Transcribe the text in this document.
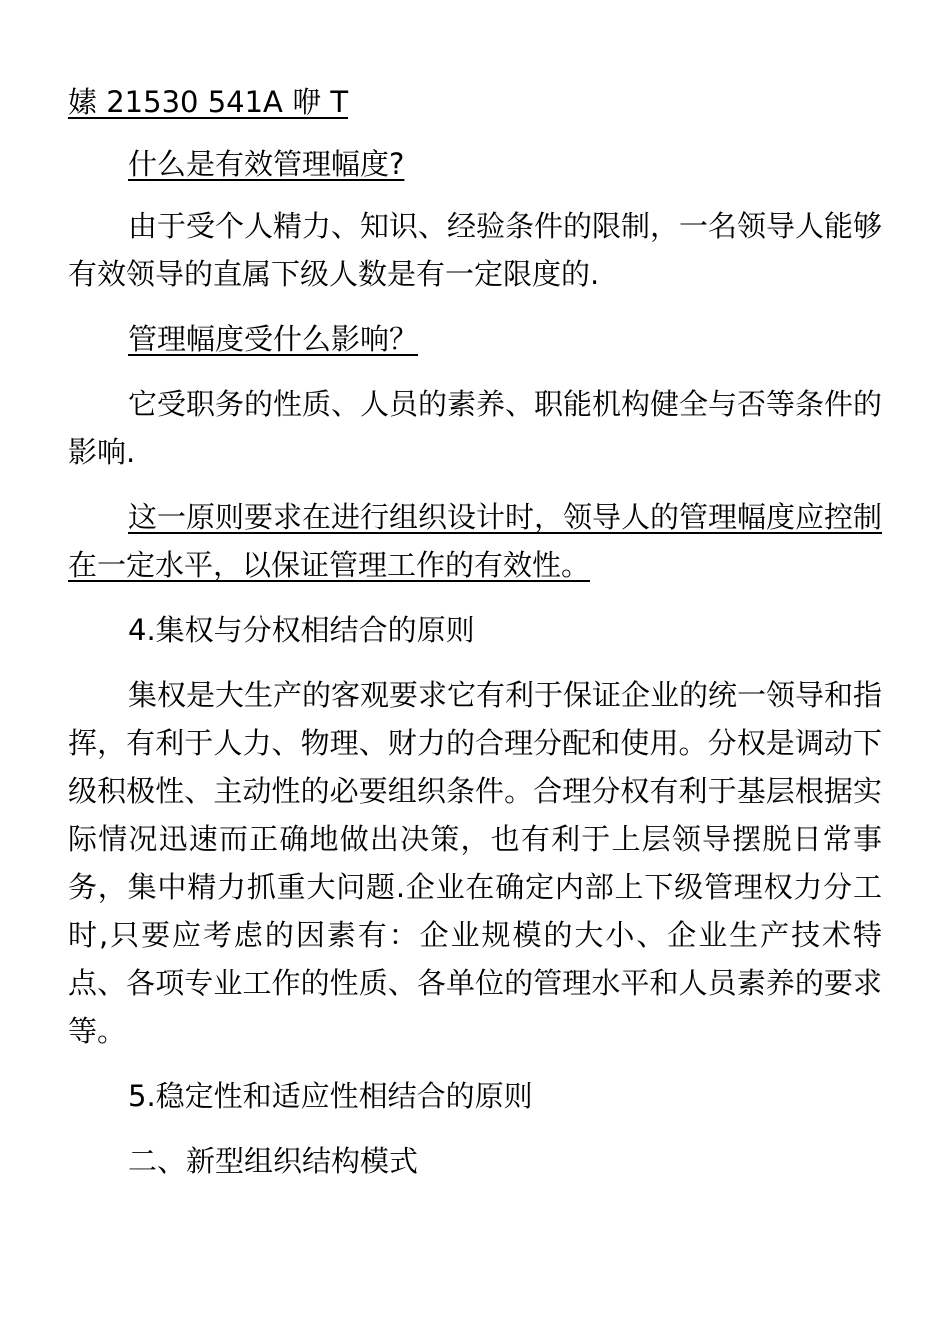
嫊 21530 541A 咿 T

什么是有效管理幅度?

由于受个人精力、知识、经验条件的限制，一名领导人能够有效领导的直属下级人数是有一定限度的.

管理幅度受什么影响？

它受职务的性质、人员的素养、职能机构健全与否等条件的影响.

这一原则要求在进行组织设计时，领导人的管理幅度应控制在一定水平，以保证管理工作的有效性。

4.集权与分权相结合的原则

集权是大生产的客观要求它有利于保证企业的统一领导和指挥，有利于人力、物理、财力的合理分配和使用。分权是调动下级积极性、主动性的必要组织条件。合理分权有利于基层根据实际情况迅速而正确地做出决策，也有利于上层领导摆脱日常事务，集中精力抓重大问题.企业在确定内部上下级管理权力分工时,只要应考虑的因素有：企业规模的大小、企业生产技术特点、各项专业工作的性质、各单位的管理水平和人员素养的要求等。

5.稳定性和适应性相结合的原则

二、新型组织结构模式
